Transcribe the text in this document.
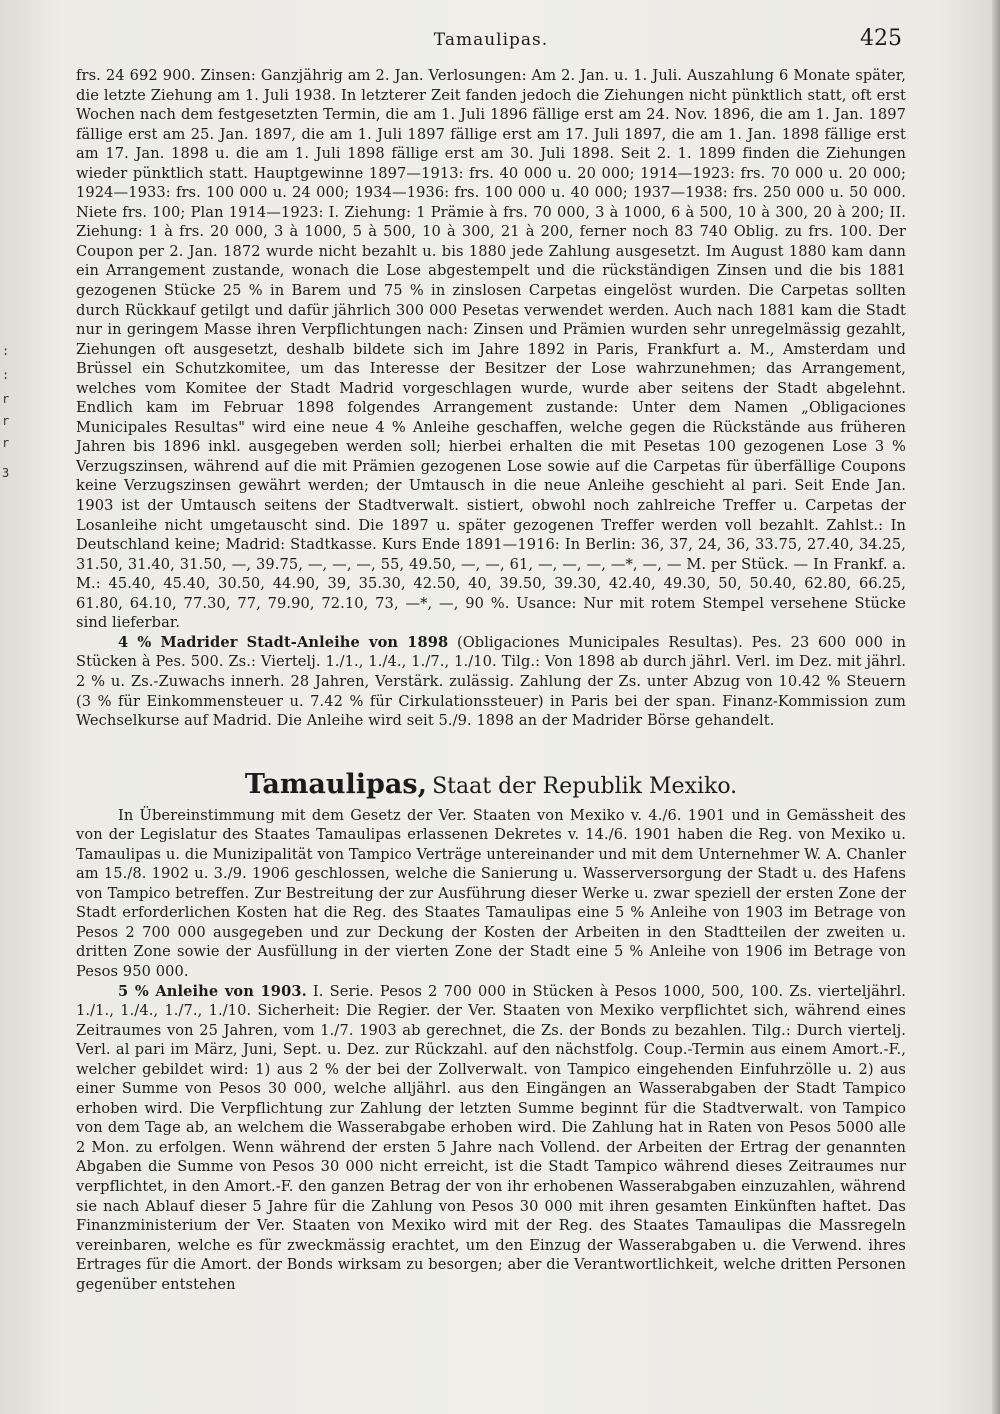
:
:
r
r
r
3
Tamaulipas.	425

frs. 24 692 900. Zinsen: Ganzjährig am 2. Jan. Verlosungen: Am 2. Jan. u. 1. Juli. Auszahlung 6 Monate später, die letzte Ziehung am 1. Juli 1938. In letzterer Zeit fanden jedoch die Ziehungen nicht pünktlich statt, oft erst Wochen nach dem festgesetzten Termin, die am 1. Juli 1896 fällige erst am 24. Nov. 1896, die am 1. Jan. 1897 fällige erst am 25. Jan. 1897, die am 1. Juli 1897 fällige erst am 17. Juli 1897, die am 1. Jan. 1898 fällige erst am 17. Jan. 1898 u. die am 1. Juli 1898 fällige erst am 30. Juli 1898. Seit 2. 1. 1899 finden die Ziehungen wieder pünktlich statt. Hauptgewinne 1897—1913: frs. 40 000 u. 20 000; 1914—1923: frs. 70 000 u. 20 000; 1924—1933: frs. 100 000 u. 24 000; 1934—1936: frs. 100 000 u. 40 000; 1937—1938: frs. 250 000 u. 50 000. Niete frs. 100; Plan 1914—1923: I. Ziehung: 1 Prämie à frs. 70 000, 3 à 1000, 6 à 500, 10 à 300, 20 à 200; II. Ziehung: 1 à frs. 20 000, 3 à 1000, 5 à 500, 10 à 300, 21 à 200, ferner noch 83 740 Oblig. zu frs. 100. Der Coupon per 2. Jan. 1872 wurde nicht bezahlt u. bis 1880 jede Zahlung ausgesetzt. Im August 1880 kam dann ein Arrangement zustande, wonach die Lose abgestempelt und die rückständigen Zinsen und die bis 1881 gezogenen Stücke 25 % in Barem und 75 % in zinslosen Carpetas eingelöst wurden. Die Carpetas sollten durch Rückkauf getilgt und dafür jährlich 300 000 Pesetas verwendet werden. Auch nach 1881 kam die Stadt nur in geringem Masse ihren Verpflichtungen nach: Zinsen und Prämien wurden sehr unregelmässig gezahlt, Ziehungen oft ausgesetzt, deshalb bildete sich im Jahre 1892 in Paris, Frankfurt a. M., Amsterdam und Brüssel ein Schutzkomitee, um das Interesse der Besitzer der Lose wahrzunehmen; das Arrangement, welches vom Komitee der Stadt Madrid vorgeschlagen wurde, wurde aber seitens der Stadt abgelehnt. Endlich kam im Februar 1898 folgendes Arrangement zustande: Unter dem Namen „Obligaciones Municipales Resultas" wird eine neue 4 % Anleihe geschaffen, welche gegen die Rückstände aus früheren Jahren bis 1896 inkl. ausgegeben werden soll; hierbei erhalten die mit Pesetas 100 gezogenen Lose 3 % Verzugszinsen, während auf die mit Prämien gezogenen Lose sowie auf die Carpetas für überfällige Coupons keine Verzugszinsen gewährt werden; der Umtausch in die neue Anleihe geschieht al pari. Seit Ende Jan. 1903 ist der Umtausch seitens der Stadtverwalt. sistiert, obwohl noch zahlreiche Treffer u. Carpetas der Losanleihe nicht umgetauscht sind. Die 1897 u. später gezogenen Treffer werden voll bezahlt. Zahlst.: In Deutschland keine; Madrid: Stadtkasse. Kurs Ende 1891—1916: In Berlin: 36, 37, 24, 36, 33.75, 27.40, 34.25, 31.50, 31.40, 31.50, —, 39.75, —, —, —, 55, 49.50, —, —, 61, —, —, —, —*, —, — M. per Stück. — In Frankf. a. M.: 45.40, 45.40, 30.50, 44.90, 39, 35.30, 42.50, 40, 39.50, 39.30, 42.40, 49.30, 50, 50.40, 62.80, 66.25, 61.80, 64.10, 77.30, 77, 79.90, 72.10, 73, —*, —, 90 %. Usance: Nur mit rotem Stempel versehene Stücke sind lieferbar.

4 % Madrider Stadt-Anleihe von 1898 (Obligaciones Municipales Resultas). Pes. 23 600 000 in Stücken à Pes. 500. Zs.: Viertelj. 1./1., 1./4., 1./7., 1./10. Tilg.: Von 1898 ab durch jährl. Verl. im Dez. mit jährl. 2 % u. Zs.-Zuwachs innerh. 28 Jahren, Verstärk. zulässig. Zahlung der Zs. unter Abzug von 10.42 % Steuern (3 % für Einkommensteuer u. 7.42 % für Cirkulationssteuer) in Paris bei der span. Finanz-Kommission zum Wechselkurse auf Madrid. Die Anleihe wird seit 5./9. 1898 an der Madrider Börse gehandelt.

Tamaulipas, Staat der Republik Mexiko.

In Übereinstimmung mit dem Gesetz der Ver. Staaten von Mexiko v. 4./6. 1901 und in Gemässheit des von der Legislatur des Staates Tamaulipas erlassenen Dekretes v. 14./6. 1901 haben die Reg. von Mexiko u. Tamaulipas u. die Munizipalität von Tampico Verträge untereinander und mit dem Unternehmer W. A. Chanler am 15./8. 1902 u. 3./9. 1906 geschlossen, welche die Sanierung u. Wasserversorgung der Stadt u. des Hafens von Tampico betreffen. Zur Bestreitung der zur Ausführung dieser Werke u. zwar speziell der ersten Zone der Stadt erforderlichen Kosten hat die Reg. des Staates Tamaulipas eine 5 % Anleihe von 1903 im Betrage von Pesos 2 700 000 ausgegeben und zur Deckung der Kosten der Arbeiten in den Stadtteilen der zweiten u. dritten Zone sowie der Ausfüllung in der vierten Zone der Stadt eine 5 % Anleihe von 1906 im Betrage von Pesos 950 000.

5 % Anleihe von 1903. I. Serie. Pesos 2 700 000 in Stücken à Pesos 1000, 500, 100. Zs. vierteljährl. 1./1., 1./4., 1./7., 1./10. Sicherheit: Die Regier. der Ver. Staaten von Mexiko verpflichtet sich, während eines Zeitraumes von 25 Jahren, vom 1./7. 1903 ab gerechnet, die Zs. der Bonds zu bezahlen. Tilg.: Durch viertelj. Verl. al pari im März, Juni, Sept. u. Dez. zur Rückzahl. auf den nächstfolg. Coup.-Termin aus einem Amort.-F., welcher gebildet wird: 1) aus 2 % der bei der Zollverwalt. von Tampico eingehenden Einfuhrzölle u. 2) aus einer Summe von Pesos 30 000, welche alljährl. aus den Eingängen an Wasserabgaben der Stadt Tampico erhoben wird. Die Verpflichtung zur Zahlung der letzten Summe beginnt für die Stadtverwalt. von Tampico von dem Tage ab, an welchem die Wasserabgabe erhoben wird. Die Zahlung hat in Raten von Pesos 5000 alle 2 Mon. zu erfolgen. Wenn während der ersten 5 Jahre nach Vollend. der Arbeiten der Ertrag der genannten Abgaben die Summe von Pesos 30 000 nicht erreicht, ist die Stadt Tampico während dieses Zeitraumes nur verpflichtet, in den Amort.-F. den ganzen Betrag der von ihr erhobenen Wasserabgaben einzuzahlen, während sie nach Ablauf dieser 5 Jahre für die Zahlung von Pesos 30 000 mit ihren gesamten Einkünften haftet. Das Finanzministerium der Ver. Staaten von Mexiko wird mit der Reg. des Staates Tamaulipas die Massregeln vereinbaren, welche es für zweckmässig erachtet, um den Einzug der Wasserabgaben u. die Verwend. ihres Ertrages für die Amort. der Bonds wirksam zu besorgen; aber die Verantwortlichkeit, welche dritten Personen gegenüber entstehen
